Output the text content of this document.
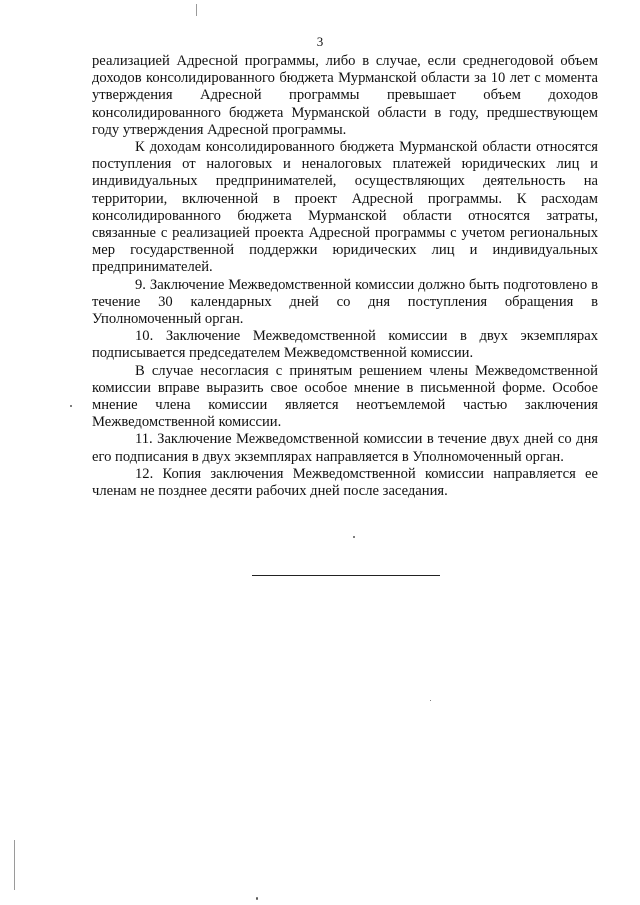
3

реализацией Адресной программы, либо в случае, если среднегодовой объем доходов консолидированного бюджета Мурманской области за 10 лет с момента утверждения Адресной программы превышает объем доходов консолидированного бюджета Мурманской области в году, предшествующем году утверждения Адресной программы.

К доходам консолидированного бюджета Мурманской области относятся поступления от налоговых и неналоговых платежей юридических лиц и индивидуальных предпринимателей, осуществляющих деятельность на территории, включенной в проект Адресной программы. К расходам консолидированного бюджета Мурманской области относятся затраты, связанные с реализацией проекта Адресной программы с учетом региональных мер государственной поддержки юридических лиц и индивидуальных предпринимателей.

9. Заключение Межведомственной комиссии должно быть подготовлено в течение 30 календарных дней со дня поступления обращения в Уполномоченный орган.

10. Заключение Межведомственной комиссии в двух экземплярах подписывается председателем Межведомственной комиссии.

В случае несогласия с принятым решением члены Межведомственной комиссии вправе выразить свое особое мнение в письменной форме. Особое мнение члена комиссии является неотъемлемой частью заключения Межведомственной комиссии.

11. Заключение Межведомственной комиссии в течение двух дней со дня его подписания в двух экземплярах направляется в Уполномоченный орган.

12. Копия заключения Межведомственной комиссии направляется ее членам не позднее десяти рабочих дней после заседания.
